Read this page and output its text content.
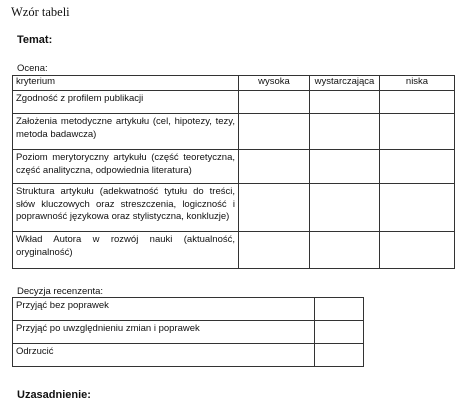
Wzór tabeli
Temat:
Ocena:
kryterium	wysoka	wystarczająca	niska
Zgodność z profilem publikacji			
Założenia metodyczne artykułu (cel, hipotezy, tezy, metoda badawcza)			
Poziom merytoryczny artykułu (część teoretyczna, część analityczna, odpowiednia literatura)			
Struktura artykułu (adekwatność tytułu do treści, słów kluczowych oraz streszczenia, logiczność i poprawność językowa oraz stylistyczna, konkluzje)			
Wkład Autora w rozwój nauki (aktualność, oryginalność)			
Decyzja recenzenta:
Przyjąć bez poprawek	
Przyjąć po uwzględnieniu zmian i poprawek	
Odrzucić	
Uzasadnienie:
